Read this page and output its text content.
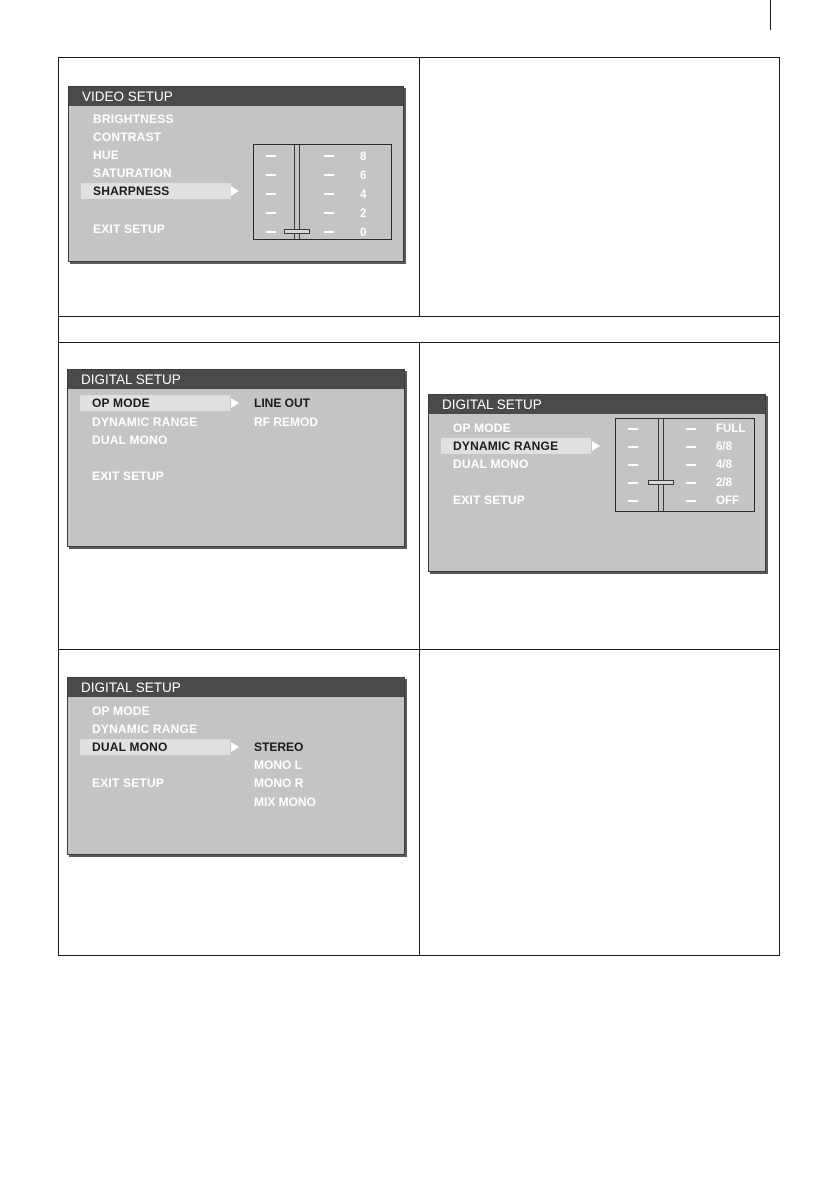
VIDEO SETUP
BRIGHTNESS
CONTRAST
HUE
SATURATION
SHARPNESS
EXIT SETUP
8
6
4
2
0
DIGITAL SETUP
OP MODE
DYNAMIC RANGE
DUAL MONO
EXIT SETUP
LINE OUT
RF REMOD
DIGITAL SETUP
OP MODE
DYNAMIC RANGE
DUAL MONO
EXIT SETUP
FULL
6/8
4/8
2/8
OFF
DIGITAL SETUP
OP MODE
DYNAMIC RANGE
DUAL MONO
EXIT SETUP
STEREO
MONO L
MONO R
MIX MONO
